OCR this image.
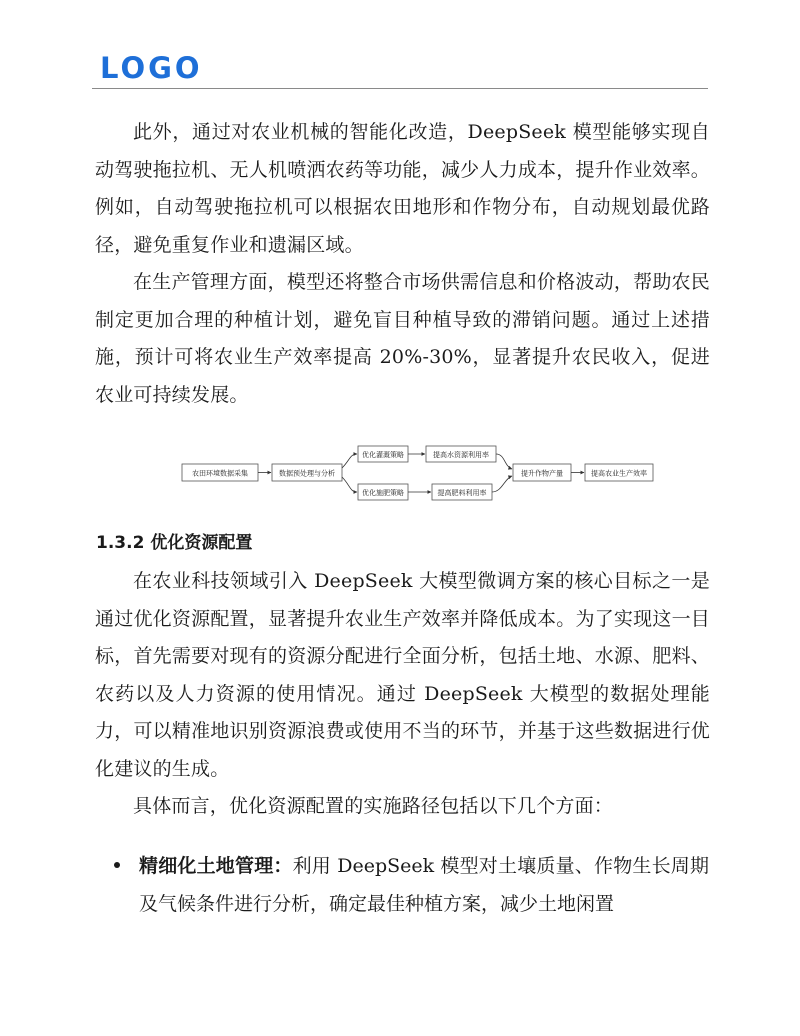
LOGO

此外，通过对农业机械的智能化改造，DeepSeek 模型能够实现自动驾驶拖拉机、无人机喷洒农药等功能，减少人力成本，提升作业效率。例如，自动驾驶拖拉机可以根据农田地形和作物分布，自动规划最优路径，避免重复作业和遗漏区域。

在生产管理方面，模型还将整合市场供需信息和价格波动，帮助农民制定更加合理的种植计划，避免盲目种植导致的滞销问题。通过上述措施，预计可将农业生产效率提高 20%-30%，显著提升农民收入，促进农业可持续发展。

农田环境数据采集	数据预处理与分析
优化灌溉策略
优化施肥策略
提高水资源利用率
提高肥料利用率
提升作物产量	提高农业生产效率
1.3.2 优化资源配置

在农业科技领域引入 DeepSeek 大模型微调方案的核心目标之一是通过优化资源配置，显著提升农业生产效率并降低成本。为了实现这一目标，首先需要对现有的资源分配进行全面分析，包括土地、水源、肥料、农药以及人力资源的使用情况。通过 DeepSeek 大模型的数据处理能力，可以精准地识别资源浪费或使用不当的环节，并基于这些数据进行优化建议的生成。

具体而言，优化资源配置的实施路径包括以下几个方面：

精细化土地管理：利用 DeepSeek 模型对土壤质量、作物生长周期及气候条件进行分析，确定最佳种植方案，减少土地闲置
